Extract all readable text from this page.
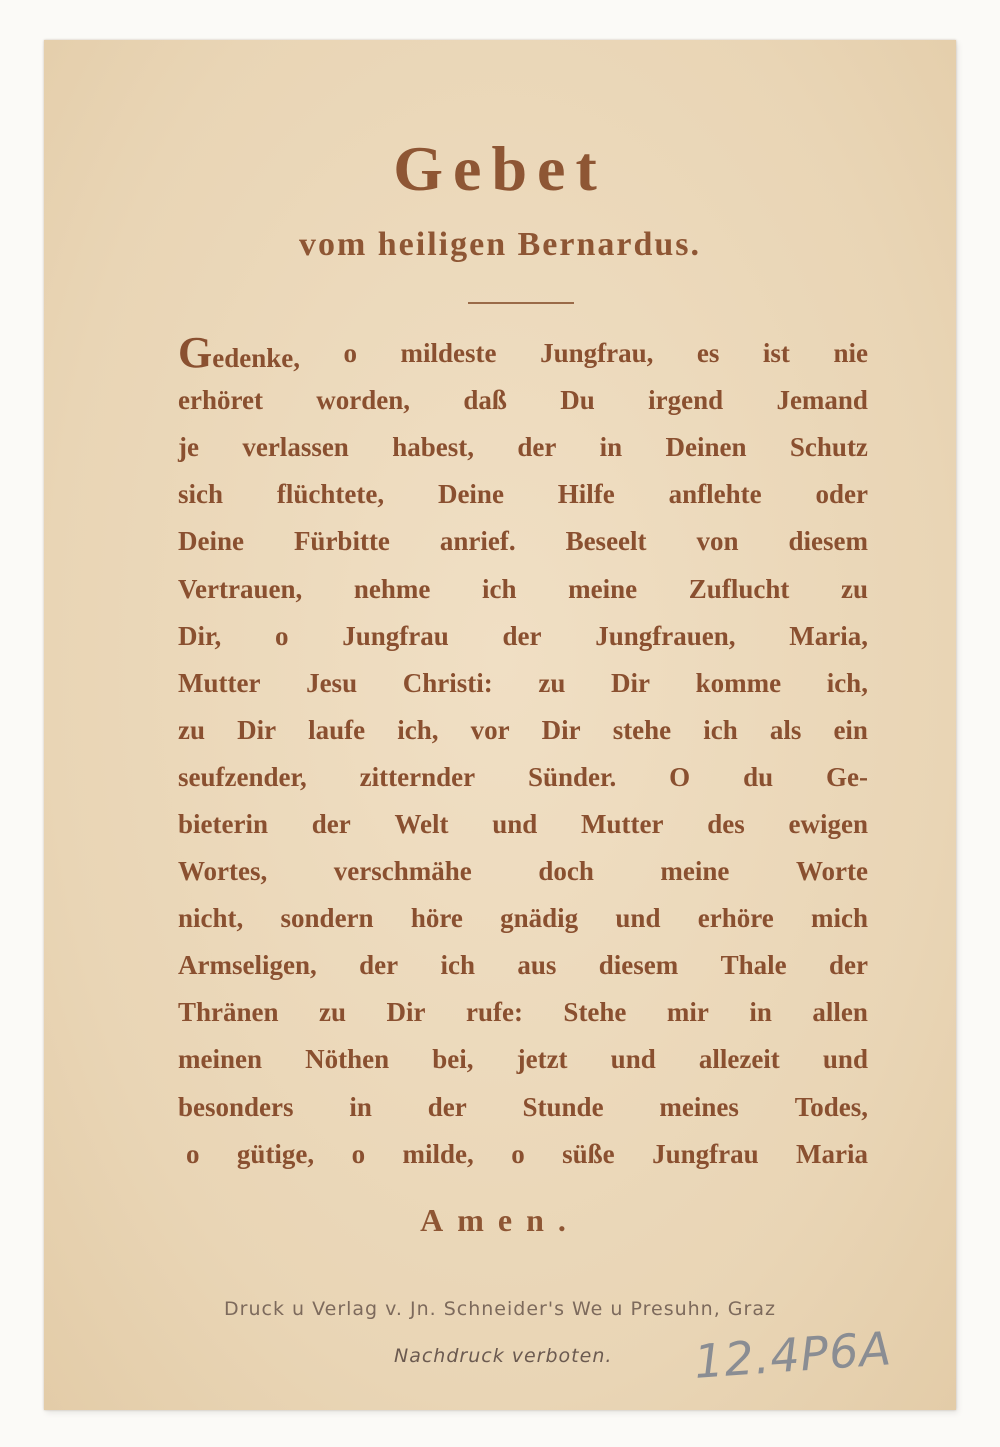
Gebet
vom heiligen Bernardus.
Gedenke, o mildeste Jungfrau, es ist nie
erhöret worden, daß Du irgend Jemand
je verlassen habest, der in Deinen Schutz
sich flüchtete, Deine Hilfe anflehte oder
Deine Fürbitte anrief. Beseelt von diesem
Vertrauen, nehme ich meine Zuflucht zu
Dir, o Jungfrau der Jungfrauen, Maria,
Mutter Jesu Christi: zu Dir komme ich,
zu Dir laufe ich, vor Dir stehe ich als ein
seufzender, zitternder Sünder. O du Ge-
bieterin der Welt und Mutter des ewigen
Wortes, verschmähe doch meine Worte
nicht, sondern höre gnädig und erhöre mich
Armseligen, der ich aus diesem Thale der
Thränen zu Dir rufe: Stehe mir in allen
meinen Nöthen bei, jetzt und allezeit und
besonders in der Stunde meines Todes,
o gütige, o milde, o süße Jungfrau Maria
Amen.
Druck u Verlag v. Jn. Schneider's We u Presuhn, Graz
Nachdruck verboten. 12.4P6A
